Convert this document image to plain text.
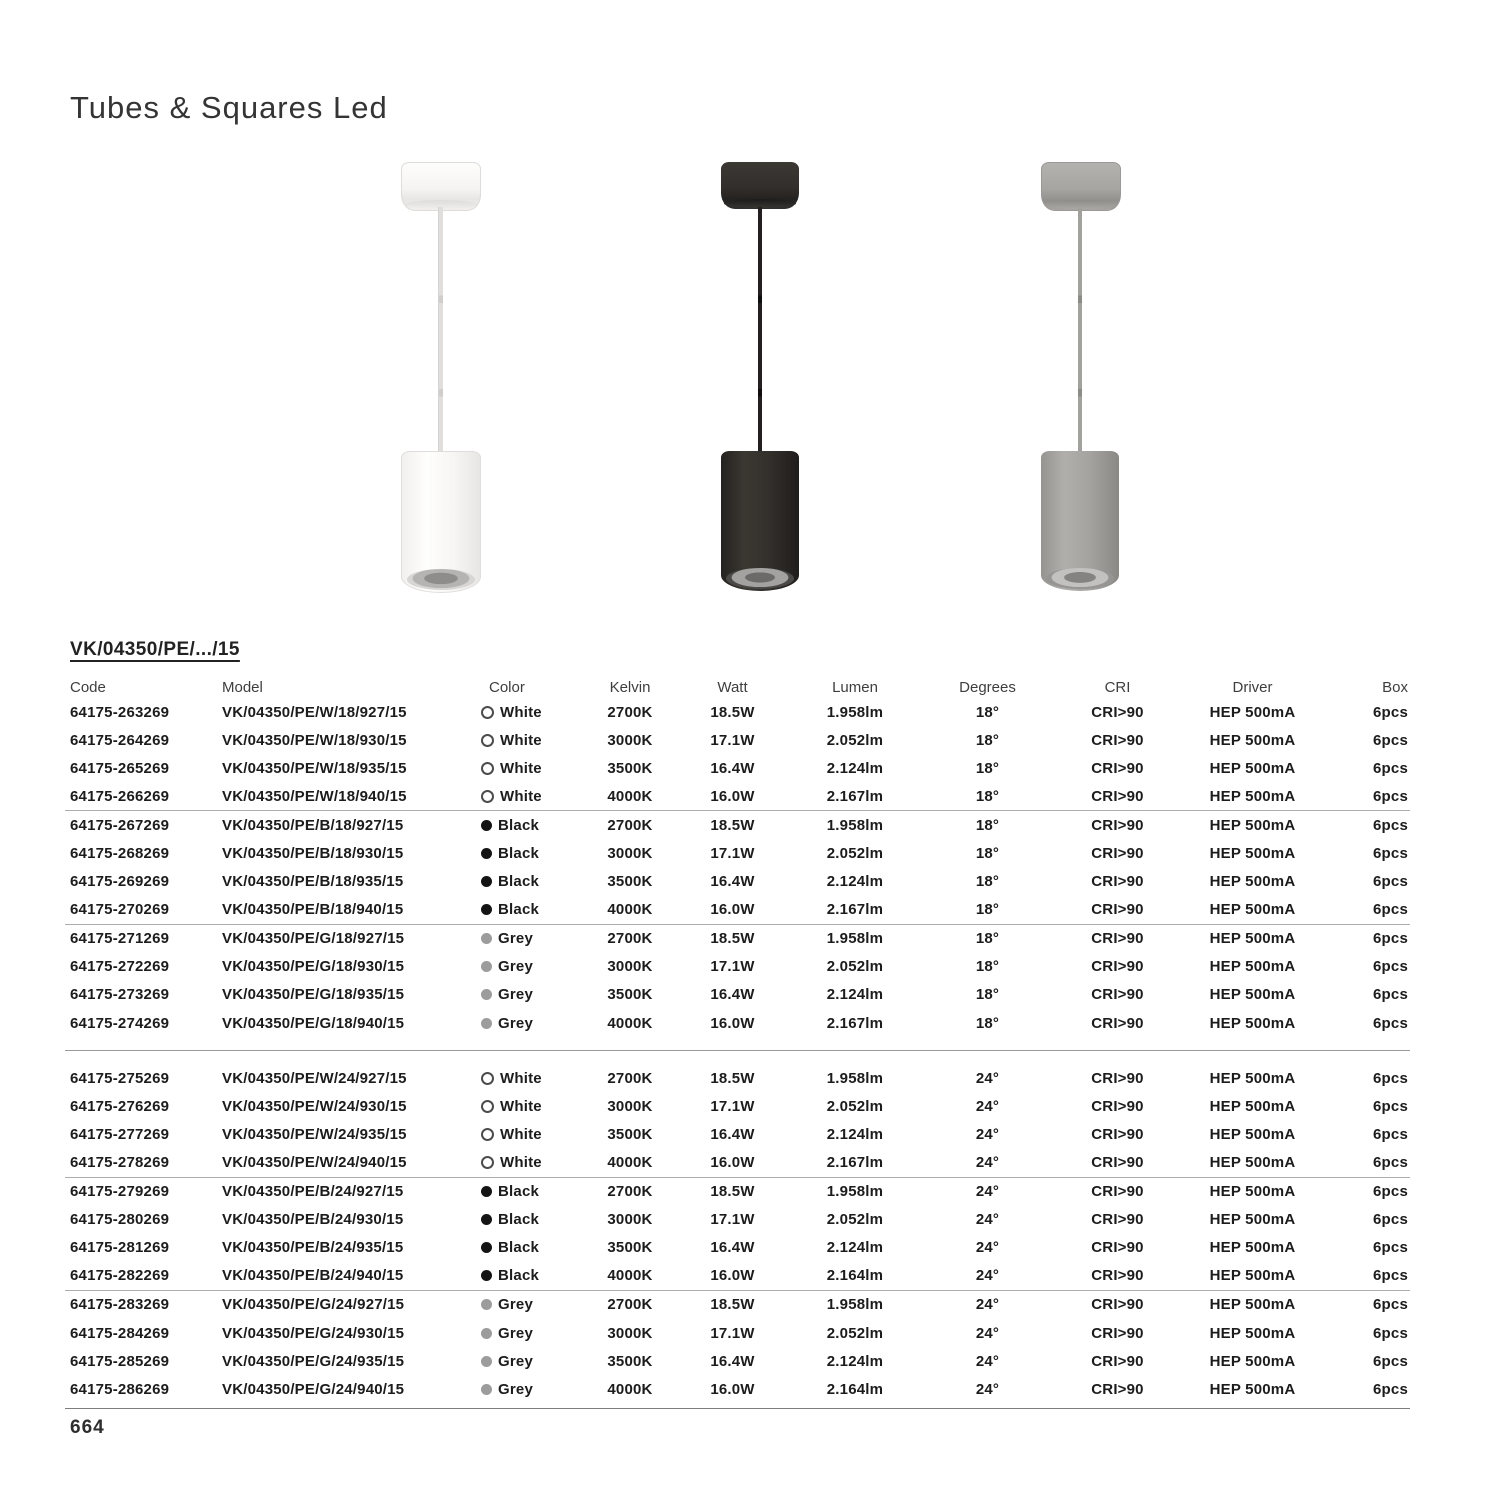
Tubes & Squares Led
VK/04350/PE/.../15
Code	Model	Color	Kelvin	Watt	Lumen	Degrees	CRI	Driver	Box
64175-263269	VK/04350/PE/W/18/927/15	White	2700K	18.5W	1.958lm	18°	CRI>90	HEP 500mA	6pcs
64175-264269	VK/04350/PE/W/18/930/15	White	3000K	17.1W	2.052lm	18°	CRI>90	HEP 500mA	6pcs
64175-265269	VK/04350/PE/W/18/935/15	White	3500K	16.4W	2.124lm	18°	CRI>90	HEP 500mA	6pcs
64175-266269	VK/04350/PE/W/18/940/15	White	4000K	16.0W	2.167lm	18°	CRI>90	HEP 500mA	6pcs
64175-267269	VK/04350/PE/B/18/927/15	Black	2700K	18.5W	1.958lm	18°	CRI>90	HEP 500mA	6pcs
64175-268269	VK/04350/PE/B/18/930/15	Black	3000K	17.1W	2.052lm	18°	CRI>90	HEP 500mA	6pcs
64175-269269	VK/04350/PE/B/18/935/15	Black	3500K	16.4W	2.124lm	18°	CRI>90	HEP 500mA	6pcs
64175-270269	VK/04350/PE/B/18/940/15	Black	4000K	16.0W	2.167lm	18°	CRI>90	HEP 500mA	6pcs
64175-271269	VK/04350/PE/G/18/927/15	Grey	2700K	18.5W	1.958lm	18°	CRI>90	HEP 500mA	6pcs
64175-272269	VK/04350/PE/G/18/930/15	Grey	3000K	17.1W	2.052lm	18°	CRI>90	HEP 500mA	6pcs
64175-273269	VK/04350/PE/G/18/935/15	Grey	3500K	16.4W	2.124lm	18°	CRI>90	HEP 500mA	6pcs
64175-274269	VK/04350/PE/G/18/940/15	Grey	4000K	16.0W	2.167lm	18°	CRI>90	HEP 500mA	6pcs
64175-275269	VK/04350/PE/W/24/927/15	White	2700K	18.5W	1.958lm	24°	CRI>90	HEP 500mA	6pcs
64175-276269	VK/04350/PE/W/24/930/15	White	3000K	17.1W	2.052lm	24°	CRI>90	HEP 500mA	6pcs
64175-277269	VK/04350/PE/W/24/935/15	White	3500K	16.4W	2.124lm	24°	CRI>90	HEP 500mA	6pcs
64175-278269	VK/04350/PE/W/24/940/15	White	4000K	16.0W	2.167lm	24°	CRI>90	HEP 500mA	6pcs
64175-279269	VK/04350/PE/B/24/927/15	Black	2700K	18.5W	1.958lm	24°	CRI>90	HEP 500mA	6pcs
64175-280269	VK/04350/PE/B/24/930/15	Black	3000K	17.1W	2.052lm	24°	CRI>90	HEP 500mA	6pcs
64175-281269	VK/04350/PE/B/24/935/15	Black	3500K	16.4W	2.124lm	24°	CRI>90	HEP 500mA	6pcs
64175-282269	VK/04350/PE/B/24/940/15	Black	4000K	16.0W	2.164lm	24°	CRI>90	HEP 500mA	6pcs
64175-283269	VK/04350/PE/G/24/927/15	Grey	2700K	18.5W	1.958lm	24°	CRI>90	HEP 500mA	6pcs
64175-284269	VK/04350/PE/G/24/930/15	Grey	3000K	17.1W	2.052lm	24°	CRI>90	HEP 500mA	6pcs
64175-285269	VK/04350/PE/G/24/935/15	Grey	3500K	16.4W	2.124lm	24°	CRI>90	HEP 500mA	6pcs
64175-286269	VK/04350/PE/G/24/940/15	Grey	4000K	16.0W	2.164lm	24°	CRI>90	HEP 500mA	6pcs
664
